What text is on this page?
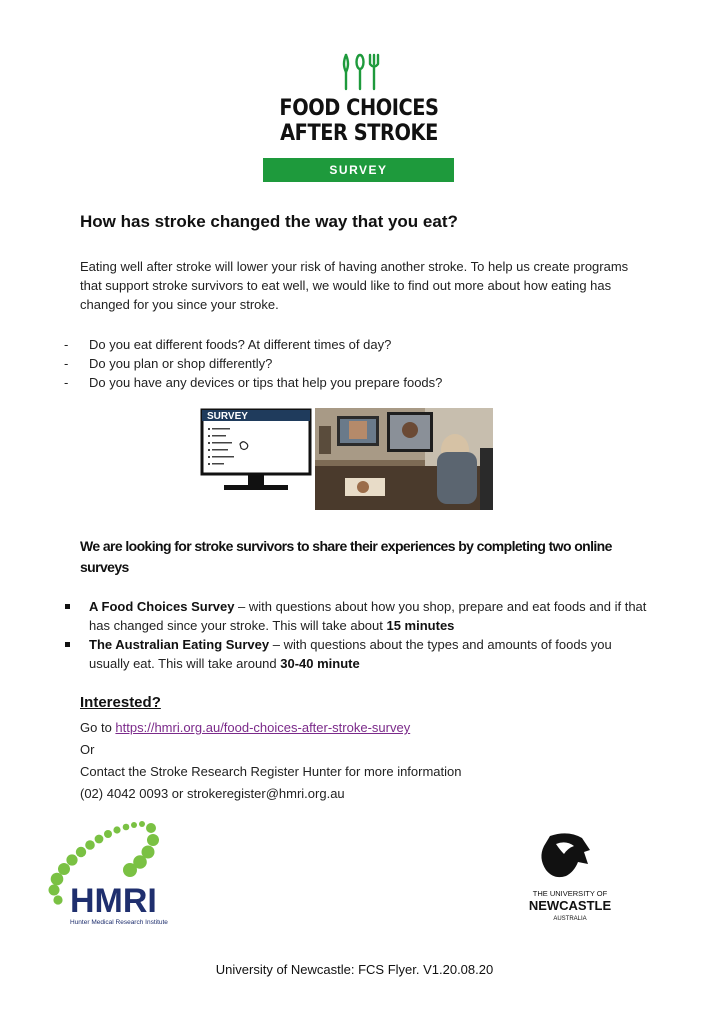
FOOD CHOICES
AFTER STROKE
SURVEY
How has stroke changed the way that you eat?
Eating well after stroke will lower your risk of having another stroke. To help us create programs that support stroke survivors to eat well, we would like to find out more about how eating has changed for you since your stroke.
- Do you eat different foods? At different times of day?
- Do you plan or shop differently?
- Do you have any devices or tips that help you prepare foods?
SURVEY
We are looking for stroke survivors to share their experiences by completing two online surveys
A Food Choices Survey – with questions about how you shop, prepare and eat foods and if that has changed since your stroke. This will take about 15 minutes
The Australian Eating Survey – with questions about the types and amounts of foods you usually eat. This will take around 30-40 minute
Interested?
Go to https://hmri.org.au/food-choices-after-stroke-survey
Or
Contact the Stroke Research Register Hunter for more information
(02) 4042 0093 or strokeregister@hmri.org.au
HMRI
Hunter Medical Research Institute
THE UNIVERSITY OF
NEWCASTLE
AUSTRALIA
University of Newcastle: FCS Flyer. V1.20.08.20
